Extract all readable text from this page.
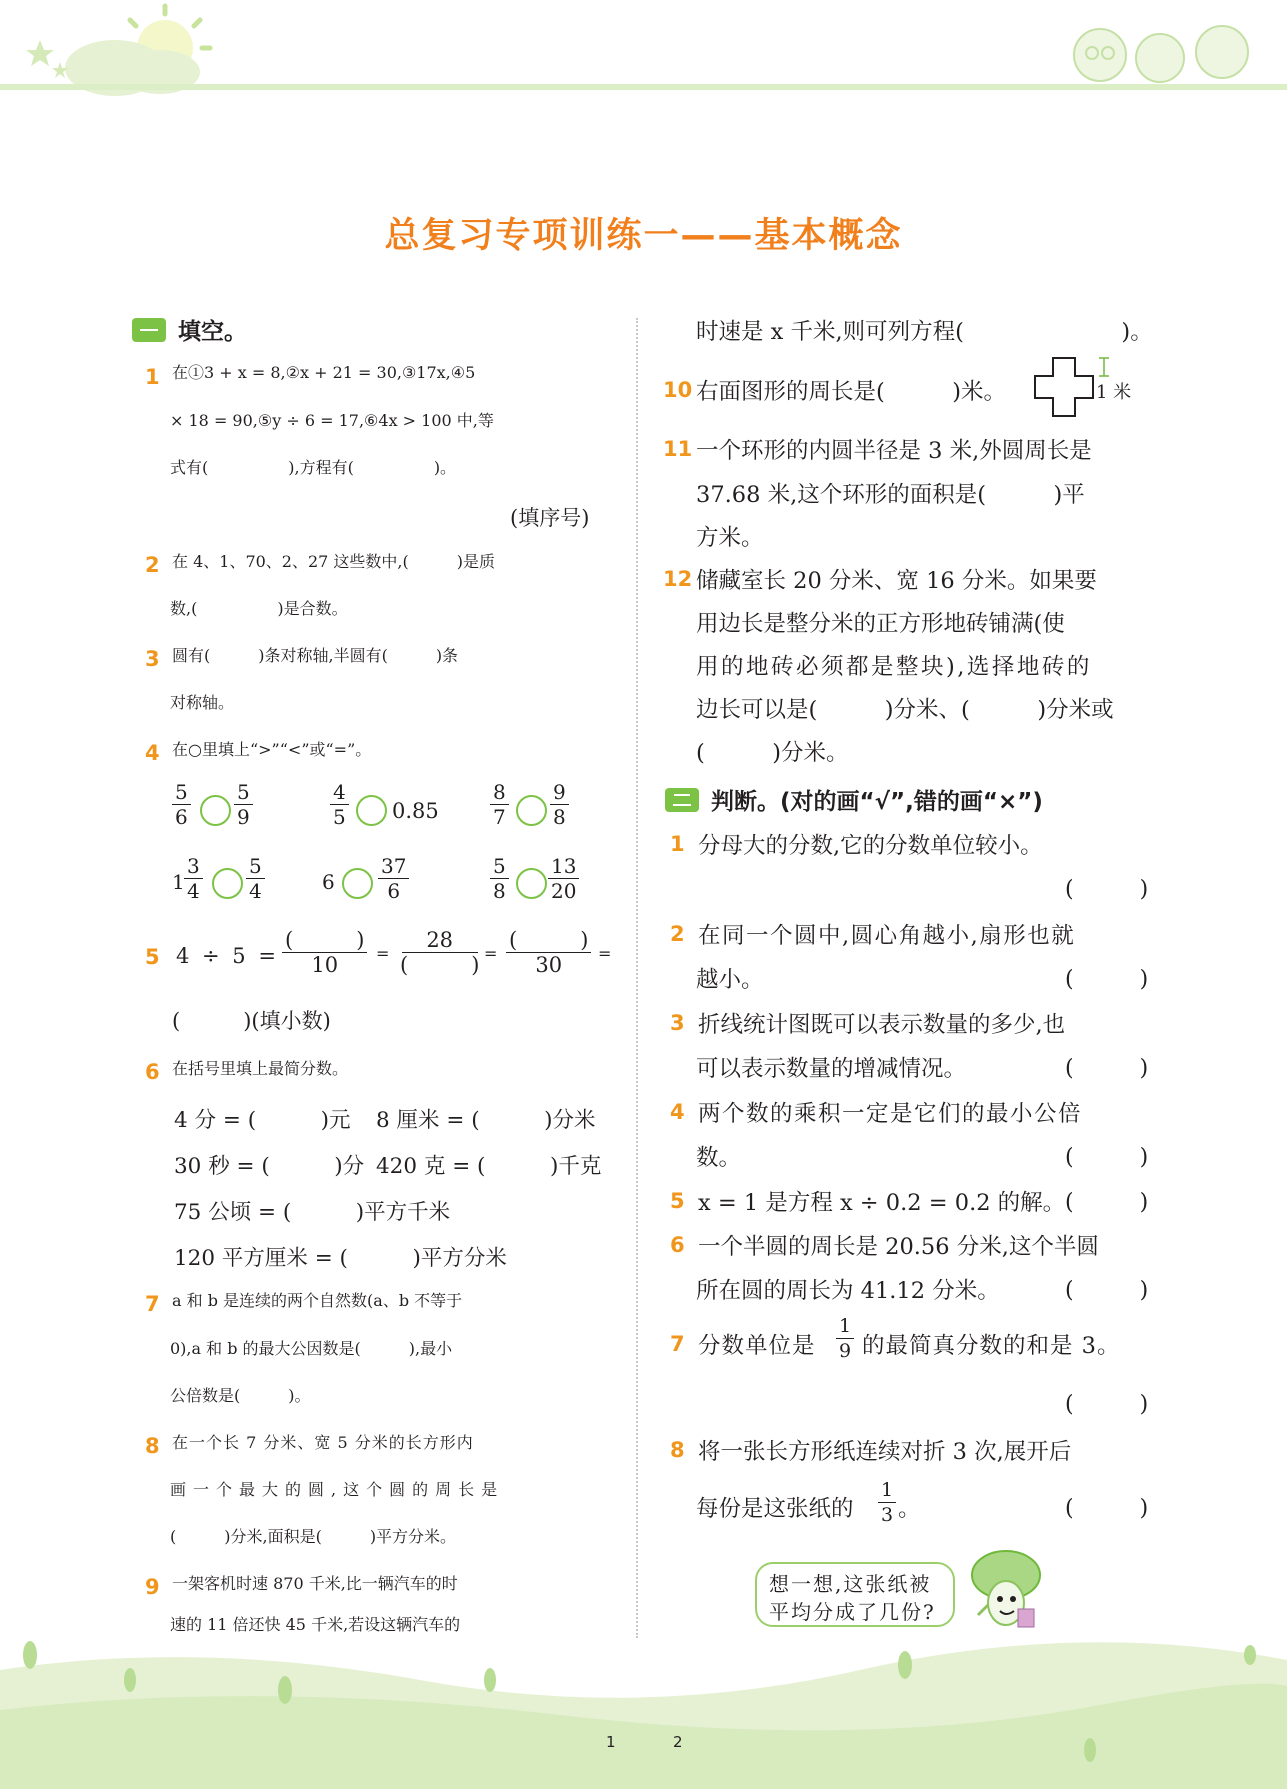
总复习专项训练一——基本概念
填空。
1 在①3 + x = 8,②x + 21 = 30,③17x,④5
× 18 = 90,⑤y ÷ 6 = 17,⑥4x > 100 中,等
式有(　　　　　),方程有(　　　　　)。
(填序号)
2 在 4、1、70、2、27 这些数中,(　　　)是质
数,(　　　　　)是合数。
3 圆有(　　　)条对称轴,半圆有(　　　)条
对称轴。
4 在○里填上“>”“<”或“=”。
$\frac{5}{6} \frac{5}{9}$	$\frac{4}{5} 0.85$	$\frac{8}{7} \frac{9}{8}$
$1 \frac{3}{4} \frac{5}{4}$	$6 \frac{37}{6}$	$\frac{5}{8} \frac{13}{20}$
5 4 ÷ 5 =
(　　　)
10 =
28
(　　　) =
(　　　)
30 =
(　　　)(填小数)
6 在括号里填上最简分数。
4 分 = (　　　)元 8 厘米 = (　　　)分米
30 秒 = (　　　)分 420 克 = (　　　)千克
75 公顷 = (　　　)平方千米
120 平方厘米 = (　　　)平方分米
7 a 和 b 是连续的两个自然数(a、b 不等于
0),a 和 b 的最大公因数是(　　　),最小
公倍数是(　　　)。
8 在一个长 7 分米、宽 5 分米的长方形内
画一个最大的圆,这个圆的周长是
(　　　)分米,面积是(　　　)平方分米。
9 一架客机时速 870 千米,比一辆汽车的时
速的 11 倍还快 45 千米,若设这辆汽车的
时速是 x 千米,则可列方程(　　　　　　　)。
10 右面图形的周长是(　　　)米。	1 米
11 一个环形的内圆半径是 3 米,外圆周长是
37.68 米,这个环形的面积是(　　　)平
方米。
12 储藏室长 20 分米、宽 16 分米。如果要
用边长是整分米的正方形地砖铺满(使
用的地砖必须都是整块),选择地砖的
边长可以是(　　　)分米、(　　　)分米或
(　　　)分米。
判断。(对的画“√”,错的画“×”)
1 分母大的分数,它的分数单位较小。
(　　　)
2 在同一个圆中,圆心角越小,扇形也就
越小。	(　　　)
3 折线统计图既可以表示数量的多少,也
可以表示数量的增减情况。	(　　　)
4 两个数的乘积一定是它们的最小公倍
数。	(　　　)
5 x = 1 是方程 x ÷ 0.2 = 0.2 的解。 (　　　)
6 一个半圆的周长是 20.56 分米,这个半圆
所在圆的周长为 41.12 分米。	(　　　)
7 分数单位是 $\frac{1}{9}$ 的最简真分数的和是 3。
(　　　)
8 将一张长方形纸连续对折 3 次,展开后
每份是这张纸的 $\frac{1}{3}$ 。	(　　　)
想一想,这张纸被
平均分成了几份?
1	2
